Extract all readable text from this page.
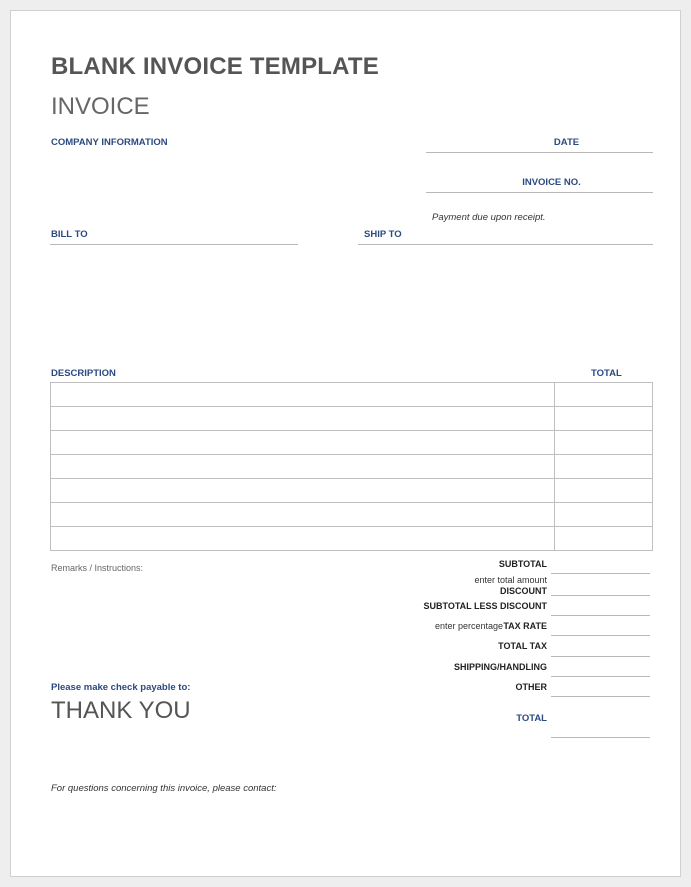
BLANK INVOICE TEMPLATE
INVOICE
COMPANY INFORMATION	DATE
INVOICE NO.
Payment due upon receipt.
BILL TO	SHIP TO
DESCRIPTION	TOTAL

Remarks / Instructions:	SUBTOTAL
enter total amount
DISCOUNT
SUBTOTAL LESS DISCOUNT
enter percentage TAX RATE
TOTAL TAX
SHIPPING/HANDLING
OTHER
TOTAL
Please make check payable to:
THANK YOU
For questions concerning this invoice, please contact:
